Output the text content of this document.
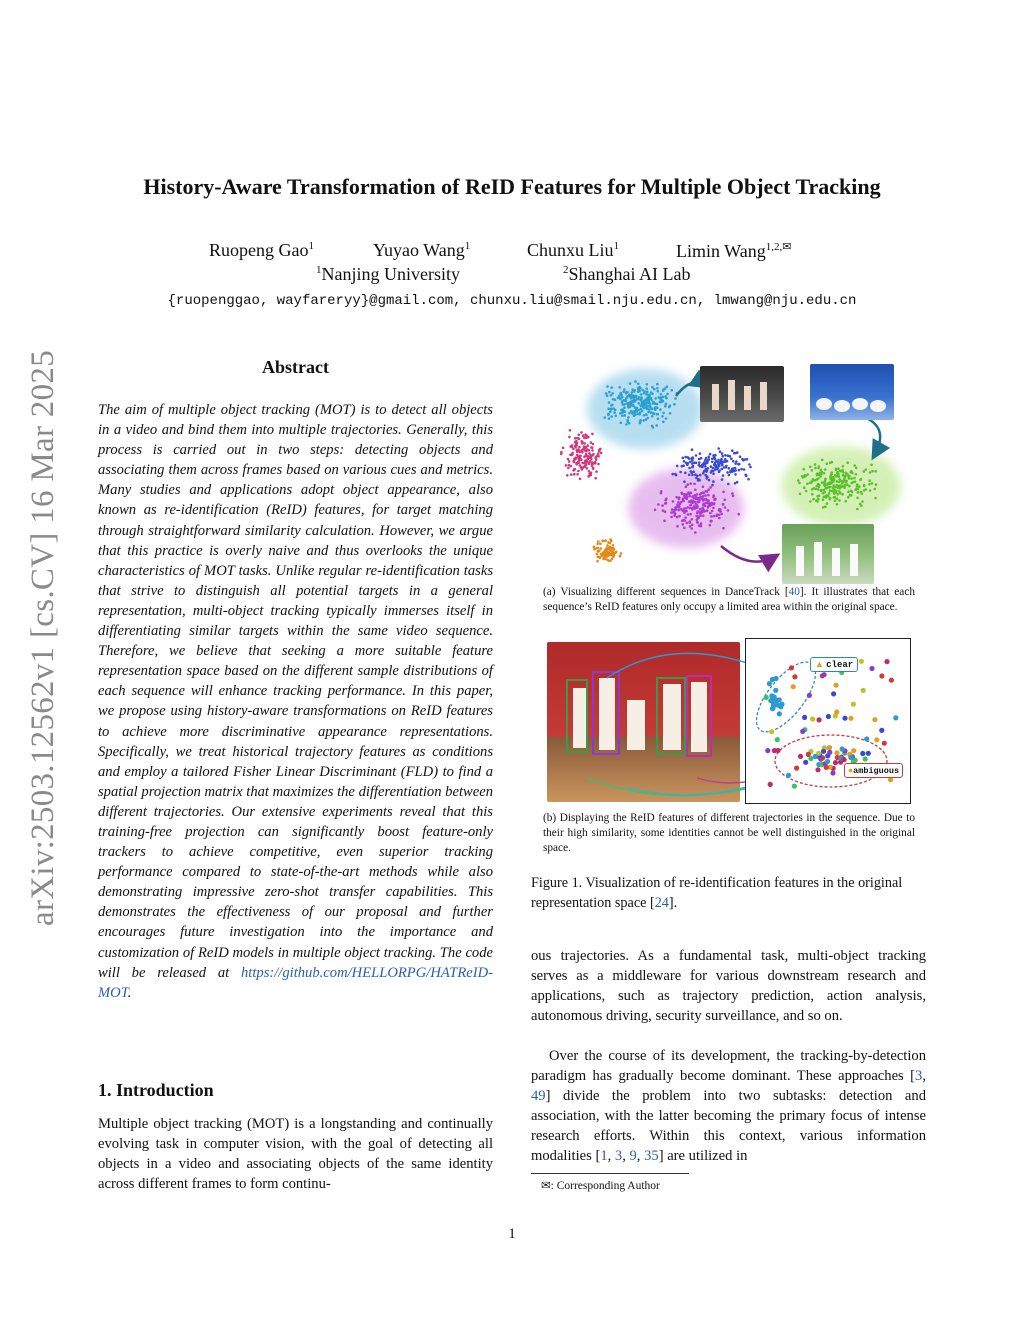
arXiv:2503.12562v1 [cs.CV] 16 Mar 2025
History-Aware Transformation of ReID Features for Multiple Object Tracking
Ruopeng Gao$^1$	Yuyao Wang$^1$	Chunxu Liu$^1$	Limin Wang$^{1,2,✉}$
$^1$Nanjing University	$^2$Shanghai AI Lab
{ruopenggao, wayfareryy}@gmail.com, chunxu.liu@smail.nju.edu.cn, lmwang@nju.edu.cn
Abstract
The aim of multiple object tracking (MOT) is to detect all objects in a video and bind them into multiple trajectories. Generally, this process is carried out in two steps: detecting objects and associating them across frames based on various cues and metrics. Many studies and applications adopt object appearance, also known as re-identification (ReID) features, for target matching through straightforward similarity calculation. However, we argue that this practice is overly naive and thus overlooks the unique characteristics of MOT tasks. Unlike regular re-identification tasks that strive to distinguish all potential targets in a general representation, multi-object tracking typically immerses itself in differentiating similar targets within the same video sequence. Therefore, we believe that seeking a more suitable feature representation space based on the different sample distributions of each sequence will enhance tracking performance. In this paper, we propose using history-aware transformations on ReID features to achieve more discriminative appearance representations. Specifically, we treat historical trajectory features as conditions and employ a tailored Fisher Linear Discriminant (FLD) to find a spatial projection matrix that maximizes the differentiation between different trajectories. Our extensive experiments reveal that this training-free projection can significantly boost feature-only trackers to achieve competitive, even superior tracking performance compared to state-of-the-art methods while also demonstrating impressive zero-shot transfer capabilities. This demonstrates the effectiveness of our proposal and further encourages future investigation into the importance and customization of ReID models in multiple object tracking. The code will be released at https://github.com/HELLORPG/HATReID-MOT.
1. Introduction
Multiple object tracking (MOT) is a longstanding and continually evolving task in computer vision, with the goal of detecting all objects in a video and associating objects of the same identity across different frames to form continu-
(a) Visualizing different sequences in DanceTrack [40]. It illustrates that each sequence’s ReID features only occupy a limited area within the original space.
▲ clear
●ambiguous
(b) Displaying the ReID features of different trajectories in the sequence. Due to their high similarity, some identities cannot be well distinguished in the original space.
Figure 1. Visualization of re-identification features in the original representation space [24].
ous trajectories. As a fundamental task, multi-object tracking serves as a middleware for various downstream research and applications, such as trajectory prediction, action analysis, autonomous driving, security surveillance, and so on.
Over the course of its development, the tracking-by-detection paradigm has gradually become dominant. These approaches [3, 49] divide the problem into two subtasks: detection and association, with the latter becoming the primary focus of intense research efforts. Within this context, various information modalities [1, 3, 9, 35] are utilized in
✉: Corresponding Author
1
